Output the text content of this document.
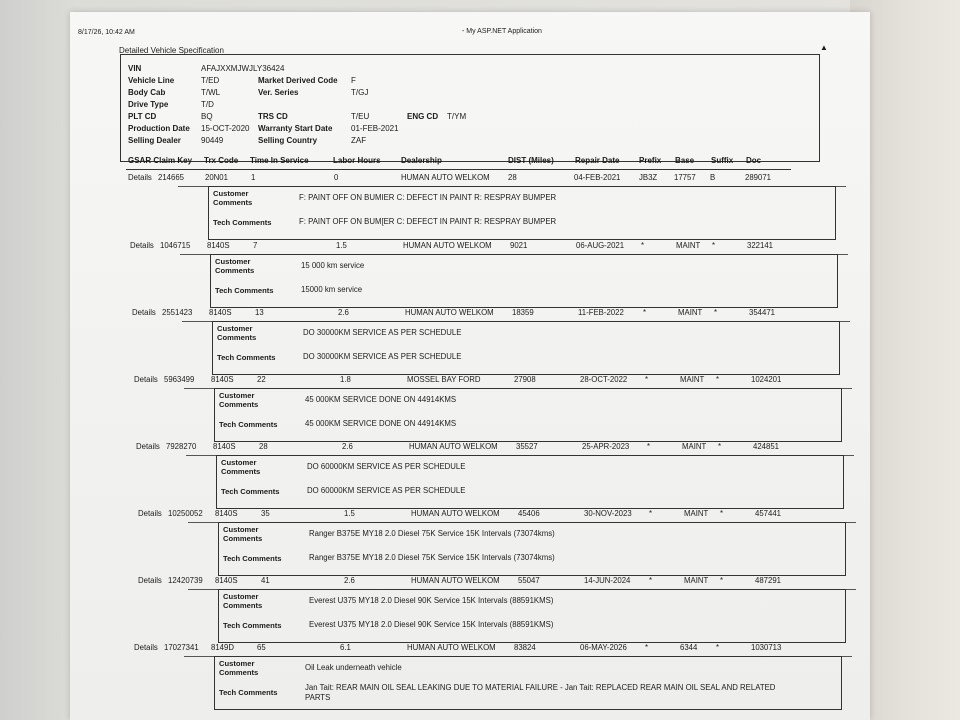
8/17/26, 10:42 AM	- My ASP.NET Application
▲
Detailed Vehicle Specification
VIN	AFAJXXMJWJLY36424
Vehicle Line	T/ED	Market Derived Code F
Body Cab	T/WL	Ver. Series	T/GJ
Drive Type	T/D
PLT CD	BQ	TRS CD	T/EU	ENG CD T/YM
Production Date 15-OCT-2020 Warranty Start Date 01-FEB-2021
Selling Dealer	90449	Selling Country	ZAF
GSAR Claim Key Trx Code Time In Service	Labor Hours	Dealership	DIST (Miles)	Repair Date Prefix Base Suffix Doc
Details 214665	20N01	1	0	HUMAN AUTO WELKOM 28	04-FEB-2021 JB3Z 17757 B	289071
Customer
Comments
F: PAINT OFF ON BUMIER C: DEFECT IN PAINT R: RESPRAY BUMPER
Tech Comments	F: PAINT OFF ON BUM[ER C: DEFECT IN PAINT R: RESPRAY BUMPER
Details 1046715 8140S	7	1.5	HUMAN AUTO WELKOM 9021	06-AUG-2021 *	MAINT *	322141
Customer
Comments
15 000 km service
Tech Comments	15000 km service
Details 2551423 8140S	13	2.6	HUMAN AUTO WELKOM 18359	11-FEB-2022 *	MAINT *	354471
Customer
Comments
DO 30000KM SERVICE AS PER SCHEDULE
Tech Comments	DO 30000KM SERVICE AS PER SCHEDULE
Details 5963499 8140S	22	1.8	MOSSEL BAY FORD	27908	28-OCT-2022 *	MAINT *	1024201
Customer
Comments
45 000KM SERVICE DONE ON 44914KMS
Tech Comments	45 000KM SERVICE DONE ON 44914KMS
Details 7928270 8140S	28	2.6	HUMAN AUTO WELKOM 35527	25-APR-2023 *	MAINT *	424851
Customer
Comments
DO 60000KM SERVICE AS PER SCHEDULE
Tech Comments	DO 60000KM SERVICE AS PER SCHEDULE
Details 10250052 8140S	35	1.5	HUMAN AUTO WELKOM 45406	30-NOV-2023 *	MAINT *	457441
Customer
Comments
Ranger B375E MY18 2.0 Diesel 75K Service 15K Intervals (73074kms)
Tech Comments	Ranger B375E MY18 2.0 Diesel 75K Service 15K Intervals (73074kms)
Details 12420739 8140S	41	2.6	HUMAN AUTO WELKOM 55047	14-JUN-2024 *	MAINT *	487291
Customer
Comments
Everest U375 MY18 2.0 Diesel 90K Service 15K Intervals (88591KMS)
Tech Comments	Everest U375 MY18 2.0 Diesel 90K Service 15K Intervals (88591KMS)
Details 17027341 8149D	65	6.1	HUMAN AUTO WELKOM 83824	06-MAY-2026 *	6344 *	1030713
Customer
Comments
Oil Leak underneath vehicle
Tech Comments
Jan Tait: REAR MAIN OIL SEAL LEAKING DUE TO MATERIAL FAILURE - Jan Tait: REPLACED REAR MAIN OIL SEAL AND RELATED
PARTS
